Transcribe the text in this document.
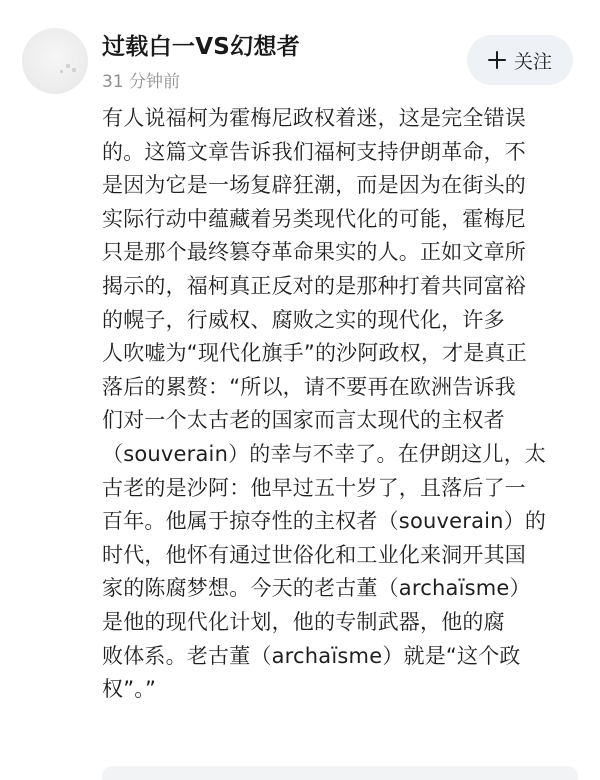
过载白一VS幻想者
31 分钟前
关注
有人说福柯为霍梅尼政权着迷，这是完全错误
的。这篇文章告诉我们福柯支持伊朗革命，不
是因为它是一场复辟狂潮，而是因为在街头的
实际行动中蕴藏着另类现代化的可能，霍梅尼
只是那个最终篡夺革命果实的人。正如文章所
揭示的，福柯真正反对的是那种打着共同富裕
的幌子，行威权、腐败之实的现代化，许多
人吹嘘为“现代化旗手”的沙阿政权，才是真正
落后的累赘：“所以，请不要再在欧洲告诉我
们对一个太古老的国家而言太现代的主权者
（souverain）的幸与不幸了。在伊朗这儿，太
古老的是沙阿：他早过五十岁了，且落后了一
百年。他属于掠夺性的主权者（souverain）的
时代，他怀有通过世俗化和工业化来洞开其国
家的陈腐梦想。今天的老古董（archaïsme）
是他的现代化计划，他的专制武器，他的腐
败体系。老古董（archaïsme）就是“这个政
权”。”
